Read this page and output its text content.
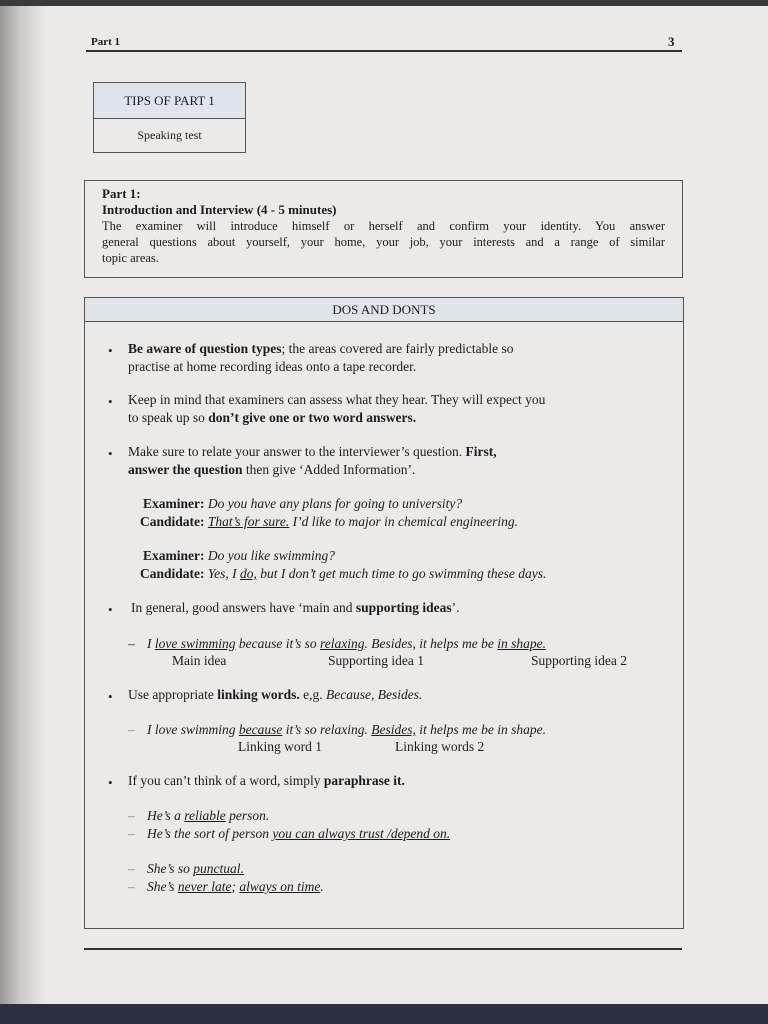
Part 1	3
TIPS OF PART 1
Speaking test
Part 1:
Introduction and Interview (4 - 5 minutes)
The examiner will introduce himself or herself and confirm your identity. You answer
general questions about yourself, your home, your job, your interests and a range of similar
topic areas.
DOS AND DONTS
• Be aware of question types; the areas covered are fairly predictable so
practise at home recording ideas onto a tape recorder.
• Keep in mind that examiners can assess what they hear. They will expect you
to speak up so don’t give one or two word answers.
• Make sure to relate your answer to the interviewer’s question. First,
answer the question then give ‘Added Information’.
Examiner: Do you have any plans for going to university?
Candidate: That’s for sure. I’d like to major in chemical engineering.
Examiner: Do you like swimming?
Candidate: Yes, I do, but I don’t get much time to go swimming these days.
• In general, good answers have ‘main and supporting ideas’.
– I love swimming because it’s so relaxing. Besides, it helps me be in shape.
Main idea	Supporting idea 1	Supporting idea 2
• Use appropriate linking words. e,g. Because, Besides.
– I love swimming because it’s so relaxing. Besides, it helps me be in shape.
Linking word 1	Linking words 2
• If you can’t think of a word, simply paraphrase it.
– He’s a reliable person.
– He’s the sort of person you can always trust /depend on.
– She’s so punctual.
– She’s never late; always on time.
